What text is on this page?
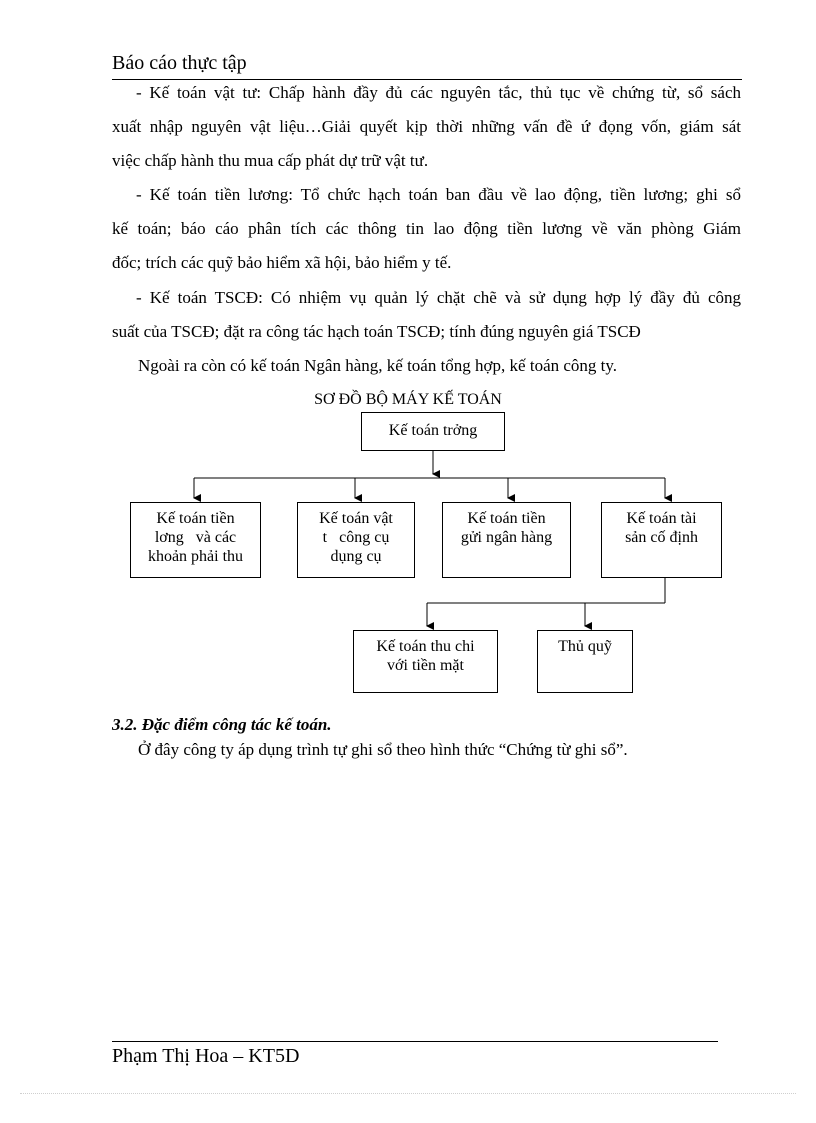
Báo cáo thực tập
- Kế toán vật tư: Chấp hành đầy đủ các nguyên tắc, thủ tục về chứng từ, sổ sách
xuất nhập nguyên vật liệu…Giải quyết kịp thời những vấn đề ứ đọng vốn, giám sát
việc chấp hành thu mua cấp phát dự trữ vật tư.
- Kế toán tiền lương: Tổ chức hạch toán ban đầu về lao động, tiền lương; ghi sổ
kế toán; báo cáo phân tích các thông tin lao động tiền lương về văn phòng Giám
đốc; trích các quỹ bảo hiểm xã hội, bảo hiểm y tế.
- Kế toán TSCĐ: Có nhiệm vụ quản lý chặt chẽ và sử dụng hợp lý đầy đủ công
suất của TSCĐ; đặt ra công tác hạch toán TSCĐ; tính đúng nguyên giá TSCĐ
Ngoài ra còn có kế toán Ngân hàng, kế toán tổng hợp, kế toán công ty.
SƠ ĐỒ BỘ MÁY KẾ TOÁN
Kế toán trởng
Kế toán tiền
lơng   và các
khoản phải thu
Kế toán vật
t   công cụ
dụng cụ
Kế toán tiền
gửi ngân hàng
Kế toán tài
sản cố định
Kế toán thu chi
với tiền mặt
Thủ quỹ
3.2. Đặc điểm công tác kế toán.
Ở đây công ty áp dụng trình tự ghi sổ theo hình thức “Chứng từ ghi sổ”.
Phạm Thị Hoa – KT5D
